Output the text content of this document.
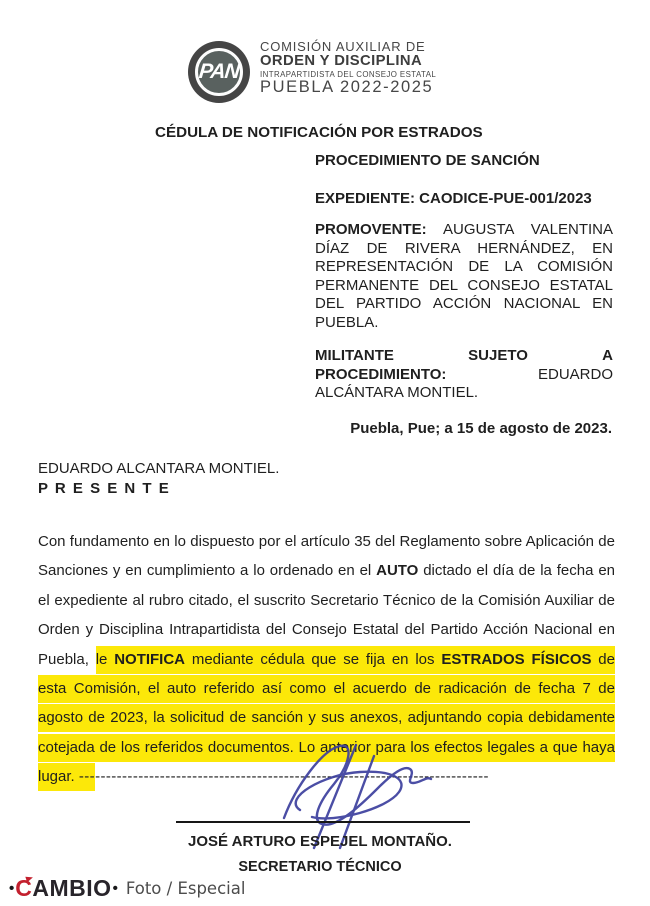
PAN
COMISIÓN AUXILIAR DE
ORDEN Y DISCIPLINA
INTRAPARTIDISTA DEL CONSEJO ESTATAL
PUEBLA 2022-2025
CÉDULA DE NOTIFICACIÓN POR ESTRADOS
PROCEDIMIENTO DE SANCIÓN
EXPEDIENTE: CAODICE-PUE-001/2023

PROMOVENTE: AUGUSTA VALENTINA DÍAZ DE RIVERA HERNÁNDEZ, EN REPRESENTACIÓN DE LA COMISIÓN PERMANENTE DEL CONSEJO ESTATAL DEL PARTIDO ACCIÓN NACIONAL EN PUEBLA.

MILITANTE	SUJETO	A
PROCEDIMIENTO:	EDUARDO
ALCÁNTARA MONTIEL.
Puebla, Pue; a 15 de agosto de 2023.
EDUARDO ALCANTARA MONTIEL.
P R E S E N T E

Con fundamento en lo dispuesto por el artículo 35 del Reglamento sobre Aplicación de Sanciones y en cumplimiento a lo ordenado en el AUTO dictado el día de la fecha en el expediente al rubro citado, el suscrito Secretario Técnico de la Comisión Auxiliar de Orden y Disciplina Intrapartidista del Consejo Estatal del Partido Acción Nacional en Puebla, le NOTIFICA mediante cédula que se fija en los ESTRADOS FÍSICOS de esta Comisión, el auto referido así como el acuerdo de radicación de fecha 7 de agosto de 2023, la solicitud de sanción y sus anexos, adjuntando copia debidamente cotejada de los referidos documentos. Lo anterior para los efectos legales a que haya lugar. ----------------------------------------------------------------------------

JOSÉ ARTURO ESPEJEL MONTAÑO.
SECRETARIO TÉCNICO
• C AMBIO • Foto / Especial
